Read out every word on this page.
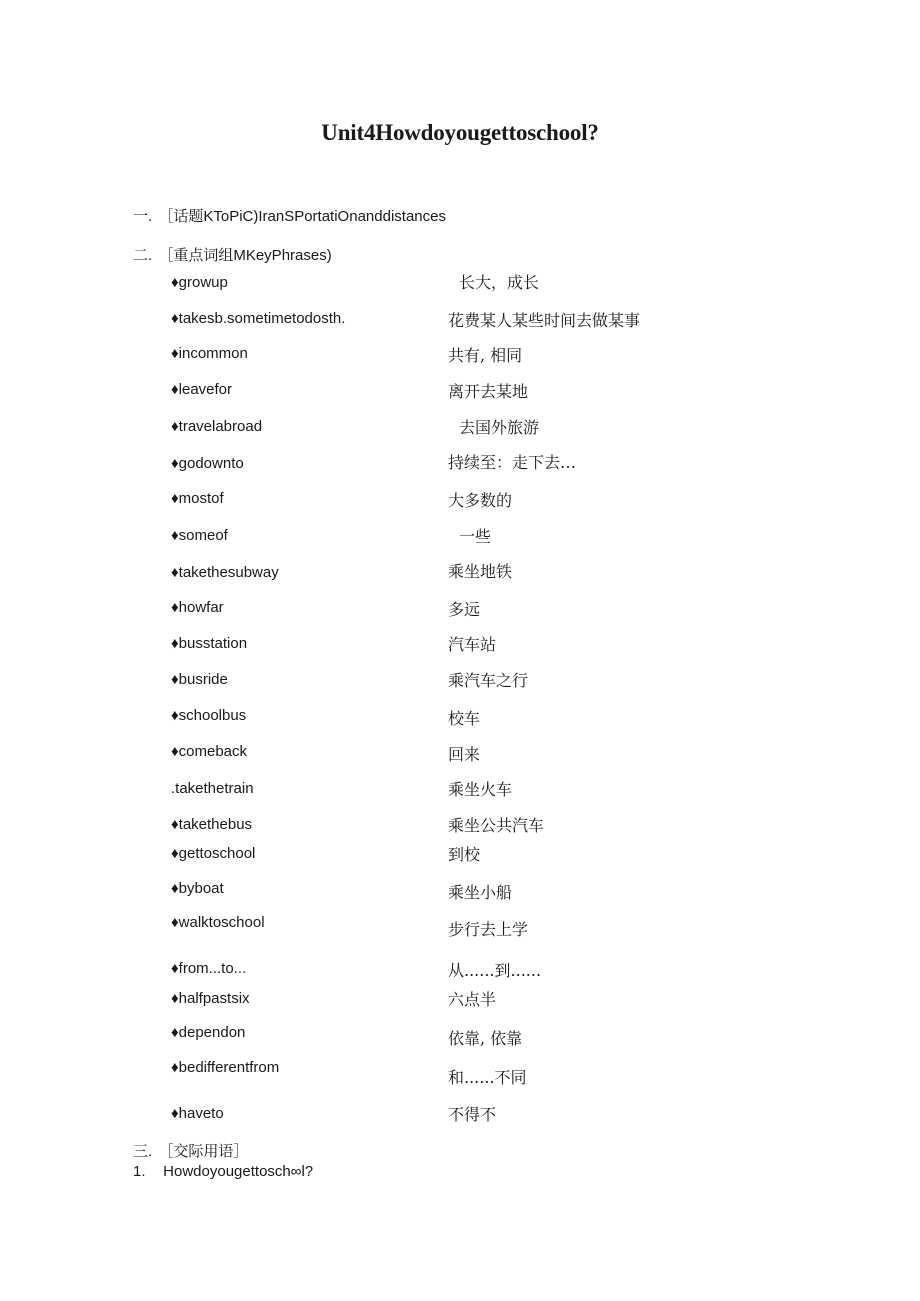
Unit4Howdoyougettoschool?
一. ［话题KToPiC)IranSPortatiOnanddistances
二. ［重点词组MKeyPhrases)
♦growup	长大，成长
♦takesb.sometimetodosth.	花费某人某些时间去做某事
♦incommon	共有, 相同
♦leavefor	离开去某地
♦travelabroad	去国外旅游
♦godownto	持续至：走下去…
♦mostof	大多数的
♦someof	一些
♦takethesubway	乘坐地铁
♦howfar	多远
♦busstation	汽车站
♦busride	乘汽车之行
♦schoolbus	校车
♦comeback	回来
.takethetrain	乘坐火车
♦takethebus	乘坐公共汽车
♦gettoschool	到校
♦byboat	乘坐小船
♦walktoschool	步行去上学
♦from...to...	从......到......
♦halfpastsix	六点半
♦dependon	依靠, 依靠
♦bedifferentfrom
和......不同
♦haveto	不得不
三. ［交际用语］
1. Howdoyougettosch∞l?
